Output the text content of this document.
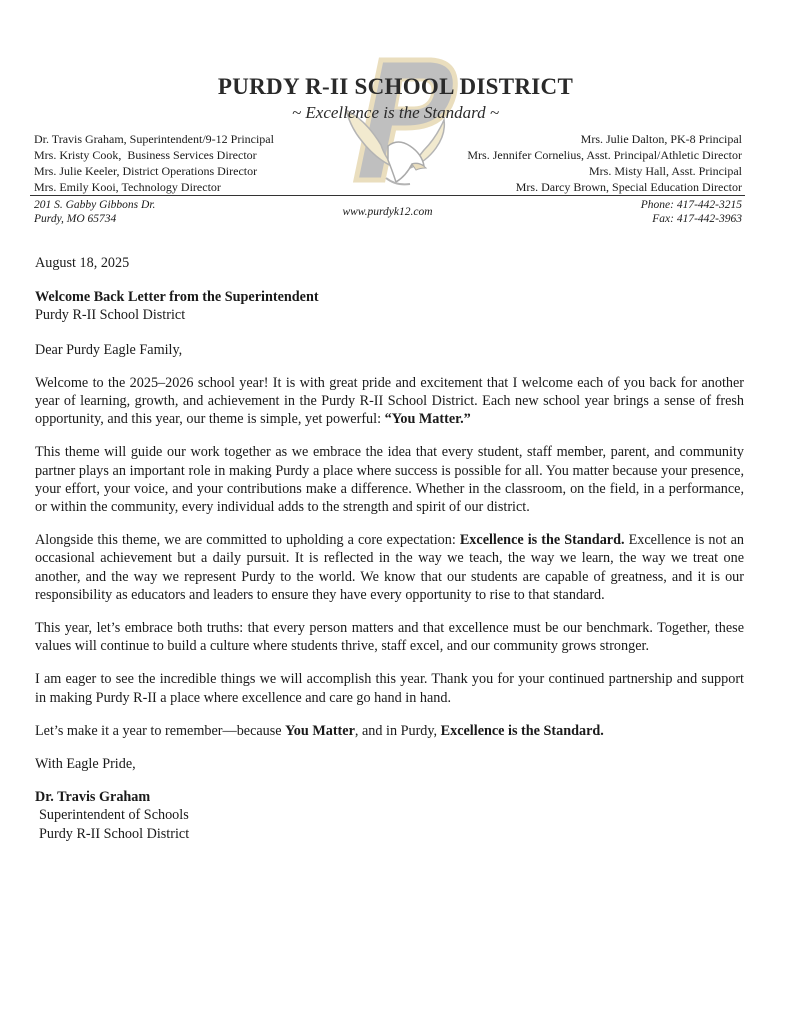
PURDY R-II SCHOOL DISTRICT
~ Excellence is the Standard ~
Dr. Travis Graham, Superintendent/9-12 Principal
Mrs. Kristy Cook,  Business Services Director
Mrs. Julie Keeler, District Operations Director
Mrs. Emily Kooi, Technology Director
Mrs. Julie Dalton, PK-8 Principal
Mrs. Jennifer Cornelius, Asst. Principal/Athletic Director
Mrs. Misty Hall, Asst. Principal
Mrs. Darcy Brown, Special Education Director
201 S. Gabby Gibbons Dr.
Purdy, MO 65734
www.purdyk12.com
Phone: 417-442-3215
Fax: 417-442-3963

August 18, 2025

Welcome Back Letter from the Superintendent

Purdy R-II School District

Dear Purdy Eagle Family,

Welcome to the 2025–2026 school year! It is with great pride and excitement that I welcome each of you back for another year of learning, growth, and achievement in the Purdy R-II School District. Each new school year brings a sense of fresh opportunity, and this year, our theme is simple, yet powerful: “You Matter.”

This theme will guide our work together as we embrace the idea that every student, staff member, parent, and community partner plays an important role in making Purdy a place where success is possible for all. You matter because your presence, your effort, your voice, and your contributions make a difference. Whether in the classroom, on the field, in a performance, or within the community, every individual adds to the strength and spirit of our district.

Alongside this theme, we are committed to upholding a core expectation: Excellence is the Standard. Excellence is not an occasional achievement but a daily pursuit. It is reflected in the way we teach, the way we learn, the way we treat one another, and the way we represent Purdy to the world. We know that our students are capable of greatness, and it is our responsibility as educators and leaders to ensure they have every opportunity to rise to that standard.

This year, let’s embrace both truths: that every person matters and that excellence must be our benchmark. Together, these values will continue to build a culture where students thrive, staff excel, and our community grows stronger.

I am eager to see the incredible things we will accomplish this year. Thank you for your continued partnership and support in making Purdy R-II a place where excellence and care go hand in hand.

Let’s make it a year to remember—because You Matter, and in Purdy, Excellence is the Standard.

With Eagle Pride,

Dr. Travis Graham

Superintendent of Schools

Purdy R-II School District
